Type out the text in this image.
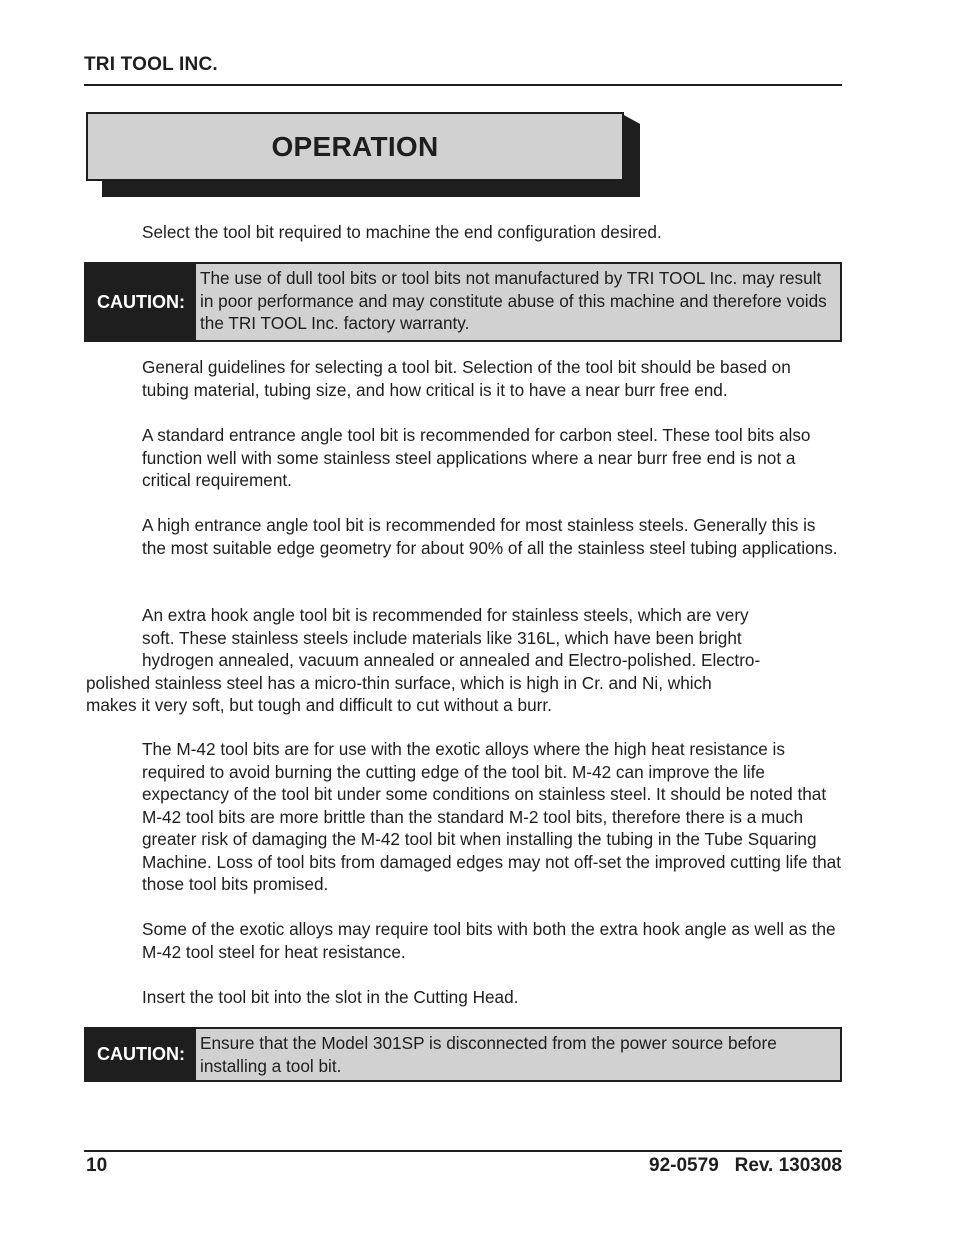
TRI TOOL INC.
OPERATION

Select the tool bit required to machine the end configuration desired.

CAUTION:
The use of dull tool bits or tool bits not manufactured by TRI TOOL Inc. may result in poor performance and may constitute abuse of this machine and therefore voids the TRI TOOL Inc. factory warranty.

General guidelines for selecting a tool bit. Selection of the tool bit should be based on tubing material, tubing size, and how critical is it to have a near burr free end.

A standard entrance angle tool bit is recommended for carbon steel. These tool bits also function well with some stainless steel applications where a near burr free end is not a critical requirement.

A high entrance angle tool bit is recommended for most stainless steels. Generally this is the most suitable edge geometry for about 90% of all the stainless steel tubing applications.

An extra hook angle tool bit is recommended for stainless steels, which are very
soft. These stainless steels include materials like 316L, which have been bright
hydrogen annealed, vacuum annealed or annealed and Electro-polished. Electro-
polished stainless steel has a micro-thin surface, which is high in Cr. and Ni, which
makes it very soft, but tough and difficult to cut without a burr.

The M-42 tool bits are for use with the exotic alloys where the high heat resistance is required to avoid burning the cutting edge of the tool bit. M-42 can improve the life expectancy of the tool bit under some conditions on stainless steel. It should be noted that M-42 tool bits are more brittle than the standard M-2 tool bits, therefore there is a much greater risk of damaging the M-42 tool bit when installing the tubing in the Tube Squaring Machine. Loss of tool bits from damaged edges may not off-set the improved cutting life that those tool bits promised.

Some of the exotic alloys may require tool bits with both the extra hook angle as well as the M-42 tool steel for heat resistance.

Insert the tool bit into the slot in the Cutting Head.

CAUTION:
Ensure that the Model 301SP is disconnected from the power source before installing a tool bit.
10	92-0579   Rev. 130308
